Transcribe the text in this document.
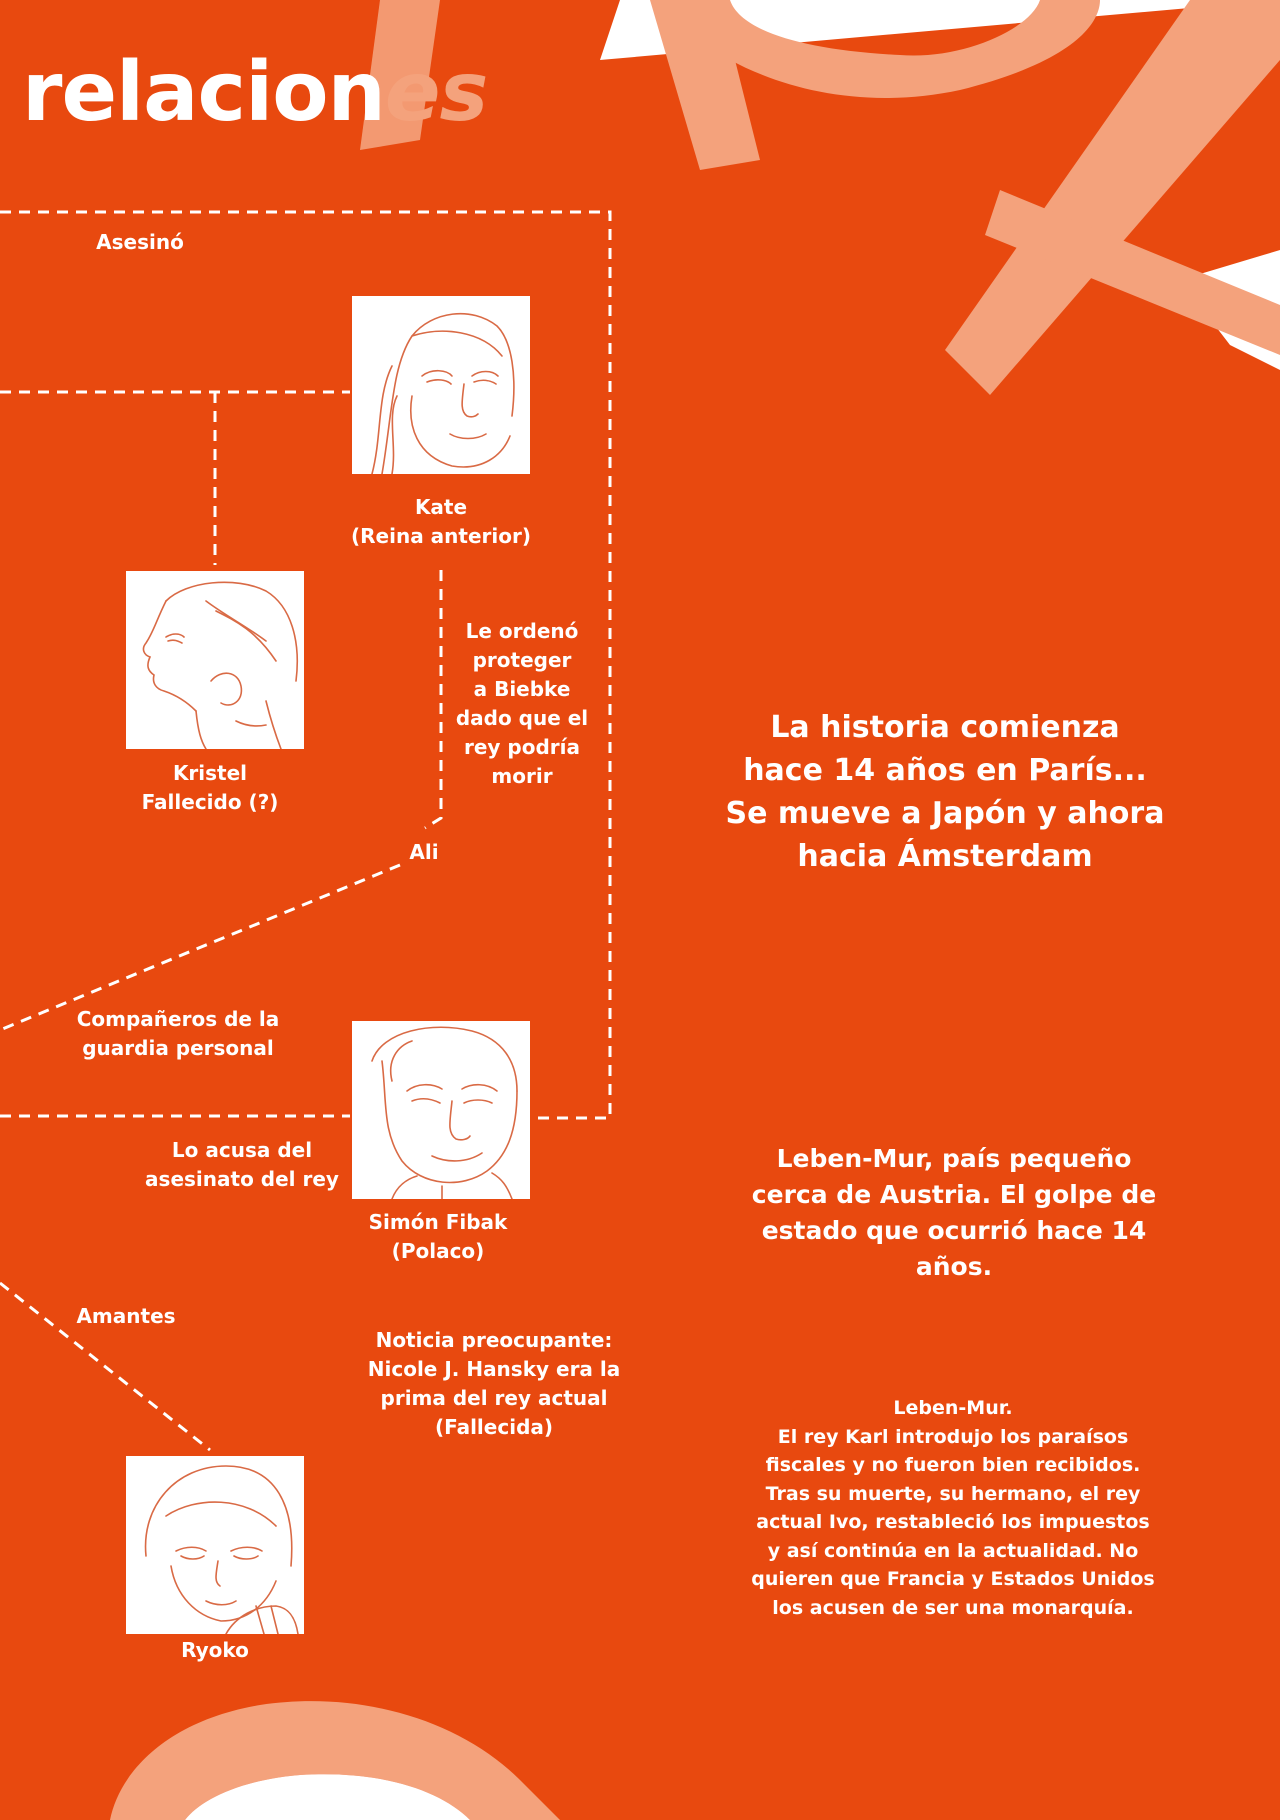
relaciones
Kate
(Reina anterior)
Kristel
Fallecido (?)
Ali
Simón Fibak
(Polaco)
Ryoko
Asesinó
Le ordenó
proteger
a Biebke
dado que el
rey podría
morir
Compañeros de la
guardia personal
Lo acusa del
asesinato del rey
Amantes
Noticia preocupante:
Nicole J. Hansky era la
prima del rey actual
(Fallecida)
La historia comienza
hace 14 años en París...
Se mueve a Japón y ahora
hacia Ámsterdam
Leben-Mur, país pequeño
cerca de Austria. El golpe de
estado que ocurrió hace 14
años.
Leben-Mur.
El rey Karl introdujo los paraísos
fiscales y no fueron bien recibidos.
Tras su muerte, su hermano, el rey
actual Ivo, restableció los impuestos
y así continúa en la actualidad. No
quieren que Francia y Estados Unidos
los acusen de ser una monarquía.
